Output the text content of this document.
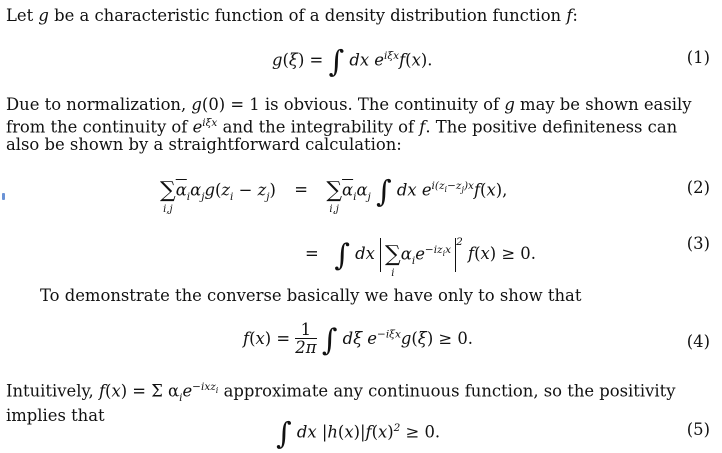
Let g be a characteristic function of a density distribution function f:
g(ξ) = ∫ dx $e^{i\xi x}f(x)$.	(1)
Due to normalization, g(0) = 1 is obvious. The continuity of g may be shown easily from the continuity of $e^{i\xi x}$ and the integrability of f. The positive definiteness can also be shown by a straightforward calculation:
∑
i,j
$\overline{\alpha}_i\alpha_jg(z_i - z_j)$ = ∑
i,j
$\overline{\alpha}_i\alpha_j$ ∫ dx $e^{i(z_i-z_j)x}f(x)$,	(2)
= ∫ dx ∑
i
$\alpha_ie^{-iz_ix2}$ f(x) ≥ 0.
(3)
To demonstrate the converse basically we have only to show that
$f(x) = \frac{1}{2\pi}$ ∫ dξ $e^{-i\xi x}g(\xi) \ge 0$.	(4)
Intuitively, f(x) = Σ $\alpha_ie^{-ixz_i}$ approximate any continuous function, so the positivity implies that
∫ dx $|h(x)|f(x)^2 \ge 0$.	(5)
